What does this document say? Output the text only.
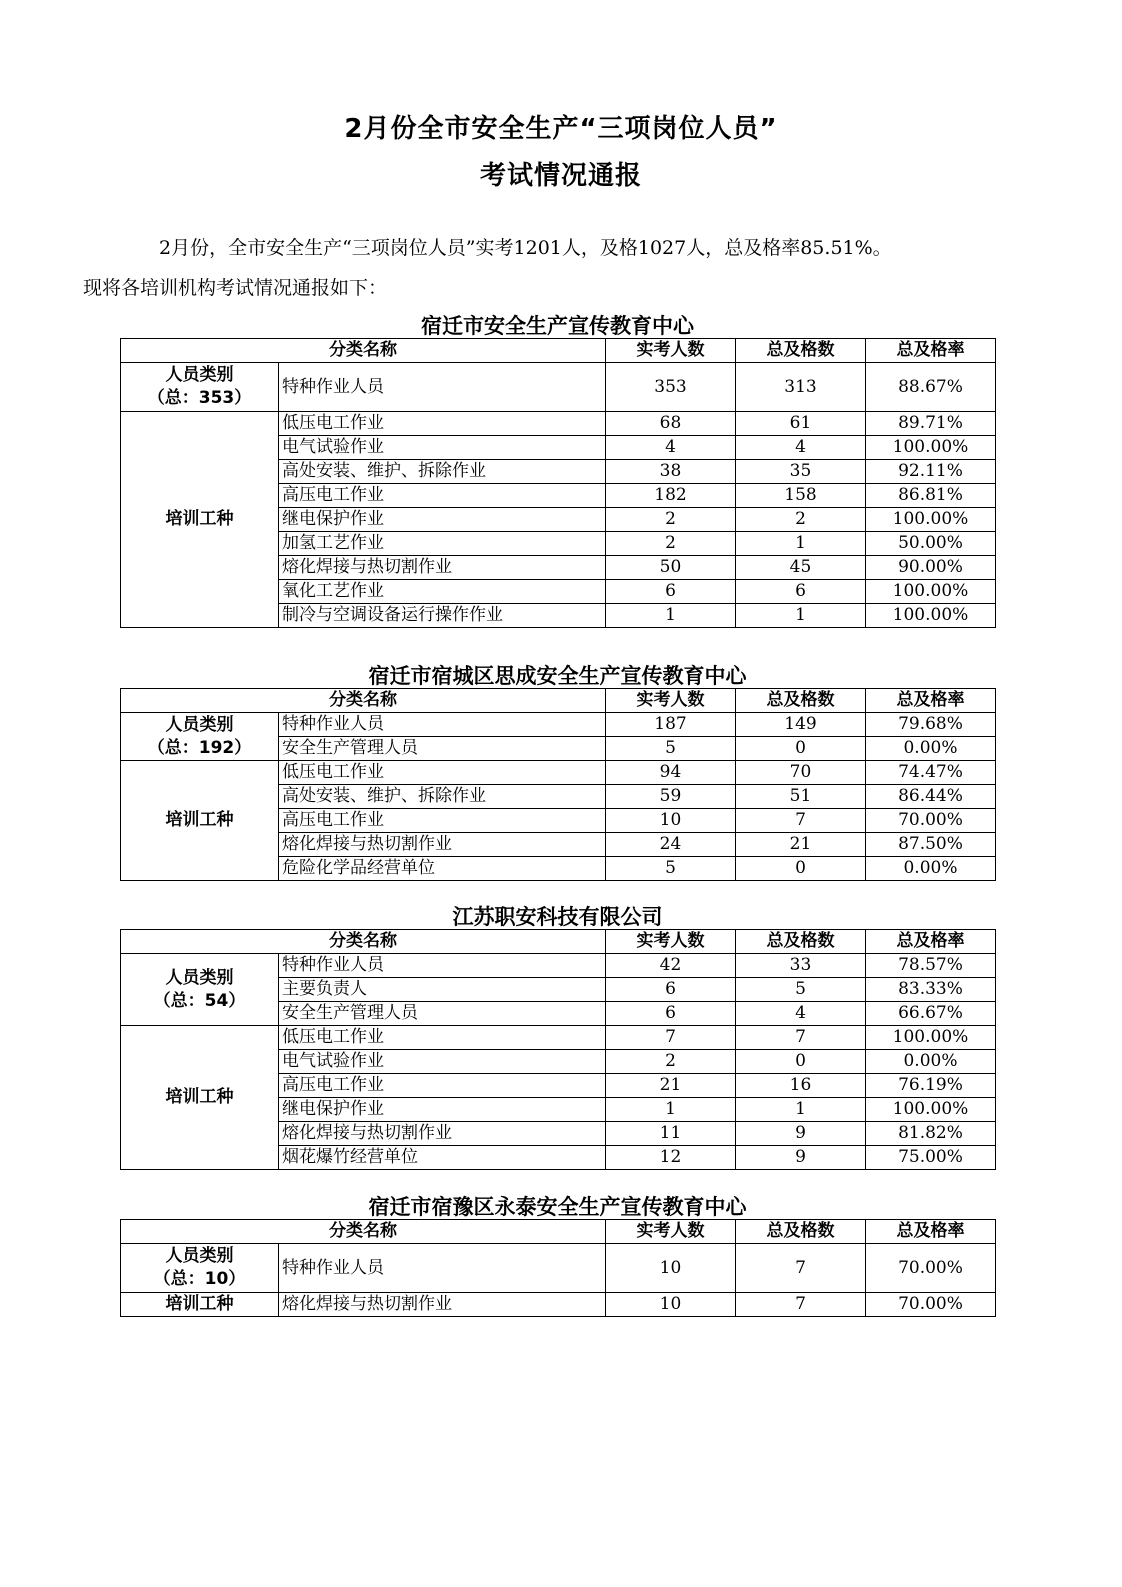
2月份全市安全生产“三项岗位人员”
考试情况通报
2月份，全市安全生产“三项岗位人员”实考1201人，及格1027人，总及格率85.51%。
现将各培训机构考试情况通报如下：
宿迁市安全生产宣传教育中心
分类名称		实考人数	总及格数	总及格率

人员类别
（总：353）	特种作业人员	353	313	88.67%

培训工种	低压电工作业	68	61	89.71%
	电气试验作业	4	4	100.00%
	高处安装、维护、拆除作业	38	35	92.11%
	高压电工作业	182	158	86.81%
	继电保护作业	2	2	100.00%
	加氢工艺作业	2	1	50.00%
	熔化焊接与热切割作业	50	45	90.00%
	氧化工艺作业	6	6	100.00%
	制冷与空调设备运行操作作业	1	1	100.00%
宿迁市宿城区思成安全生产宣传教育中心
分类名称		实考人数	总及格数	总及格率

人员类别
（总：192）	特种作业人员	187	149	79.68%
	安全生产管理人员	5	0	0.00%

培训工种	低压电工作业	94	70	74.47%
	高处安装、维护、拆除作业	59	51	86.44%
	高压电工作业	10	7	70.00%
	熔化焊接与热切割作业	24	21	87.50%
	危险化学品经营单位	5	0	0.00%
江苏职安科技有限公司
分类名称		实考人数	总及格数	总及格率

人员类别
（总：54）	特种作业人员	42	33	78.57%
	主要负责人	6	5	83.33%
	安全生产管理人员	6	4	66.67%

培训工种	低压电工作业	7	7	100.00%
	电气试验作业	2	0	0.00%
	高压电工作业	21	16	76.19%
	继电保护作业	1	1	100.00%
	熔化焊接与热切割作业	11	9	81.82%
	烟花爆竹经营单位	12	9	75.00%
宿迁市宿豫区永泰安全生产宣传教育中心
分类名称		实考人数	总及格数	总及格率

人员类别
（总：10）	特种作业人员	10	7	70.00%

培训工种	熔化焊接与热切割作业	10	7	70.00%
